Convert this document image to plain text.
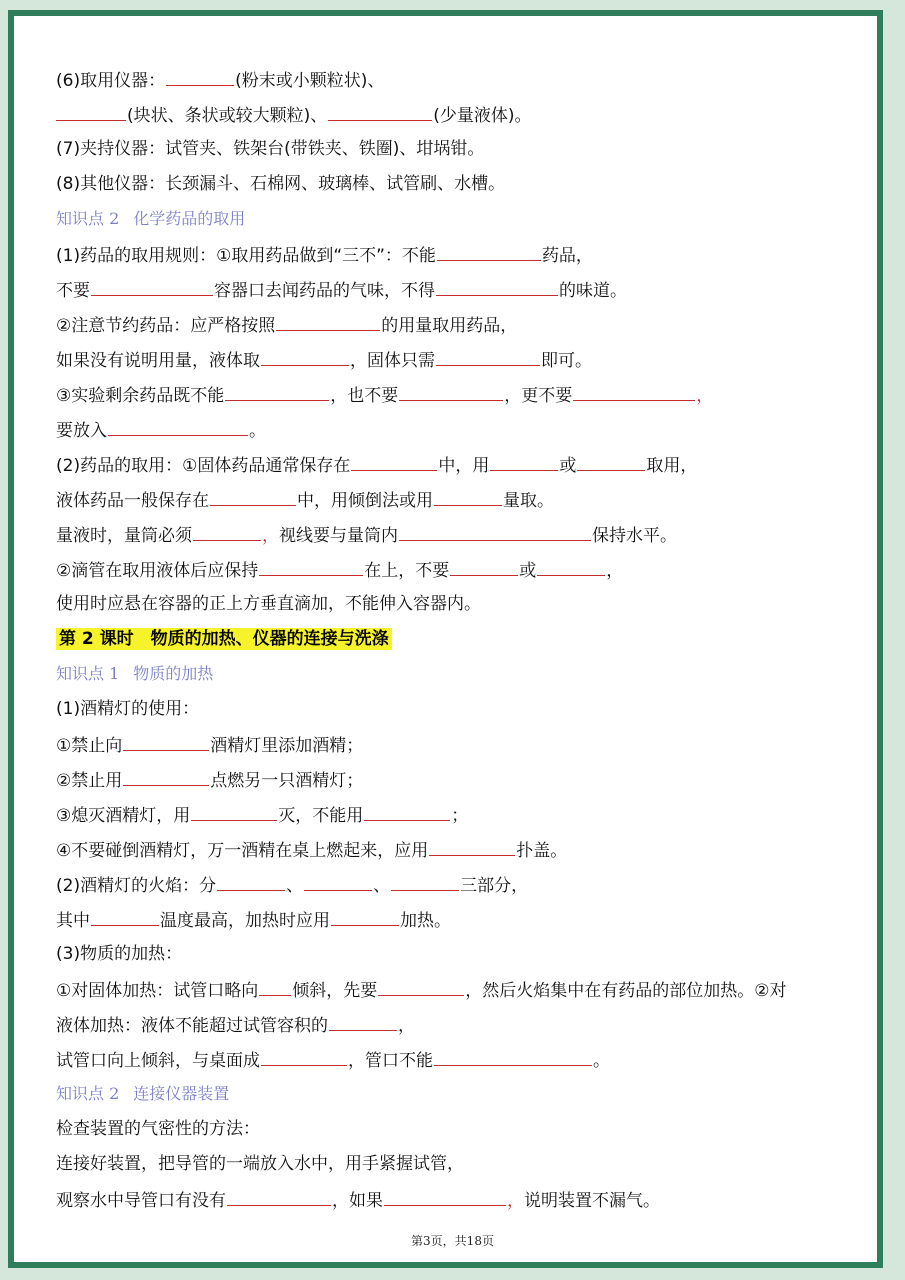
(6)取用仪器：	(粉末或小颗粒状)、
(块状、条状或较大颗粒)、	(少量液体)。
(7)夹持仪器：试管夹、铁架台(带铁夹、铁圈)、坩埚钳。
(8)其他仪器：长颈漏斗、石棉网、玻璃棒、试管刷、水槽。
知识点 2 化学药品的取用
(1)药品的取用规则：①取用药品做到“三不”：不能	药品，
不要	容器口去闻药品的气味，不得	的味道。
②注意节约药品：应严格按照	的用量取用药品，
如果没有说明用量，液体取	，固体只需	即可。
③实验剩余药品既不能	，也不要	，更不要	，
要放入	。
(2)药品的取用：①固体药品通常保存在	中，用	或	取用，
液体药品一般保存在	中，用倾倒法或用	量取。
量液时，量筒必须	，视线要与量筒内	保持水平。
②滴管在取用液体后应保持	在上，不要	或	，
使用时应悬在容器的正上方垂直滴加，不能伸入容器内。
第 2 课时　物质的加热、仪器的连接与洗涤
知识点 1 物质的加热
(1)酒精灯的使用：
①禁止向	酒精灯里添加酒精；
②禁止用	点燃另一只酒精灯；
③熄灭酒精灯，用	灭，不能用	；
④不要碰倒酒精灯，万一酒精在桌上燃起来，应用	扑盖。
(2)酒精灯的火焰：分	、	、	三部分，
其中	温度最高，加热时应用	加热。
(3)物质的加热：
①对固体加热：试管口略向 倾斜，先要	，然后火焰集中在有药品的部位加热。②对
液体加热：液体不能超过试管容积的	，
试管口向上倾斜，与桌面成	，管口不能	。
知识点 2 连接仪器装置
检查装置的气密性的方法：
连接好装置，把导管的一端放入水中，用手紧握试管，
观察水中导管口有没有	，如果	，说明装置不漏气。
第3页，共18页
